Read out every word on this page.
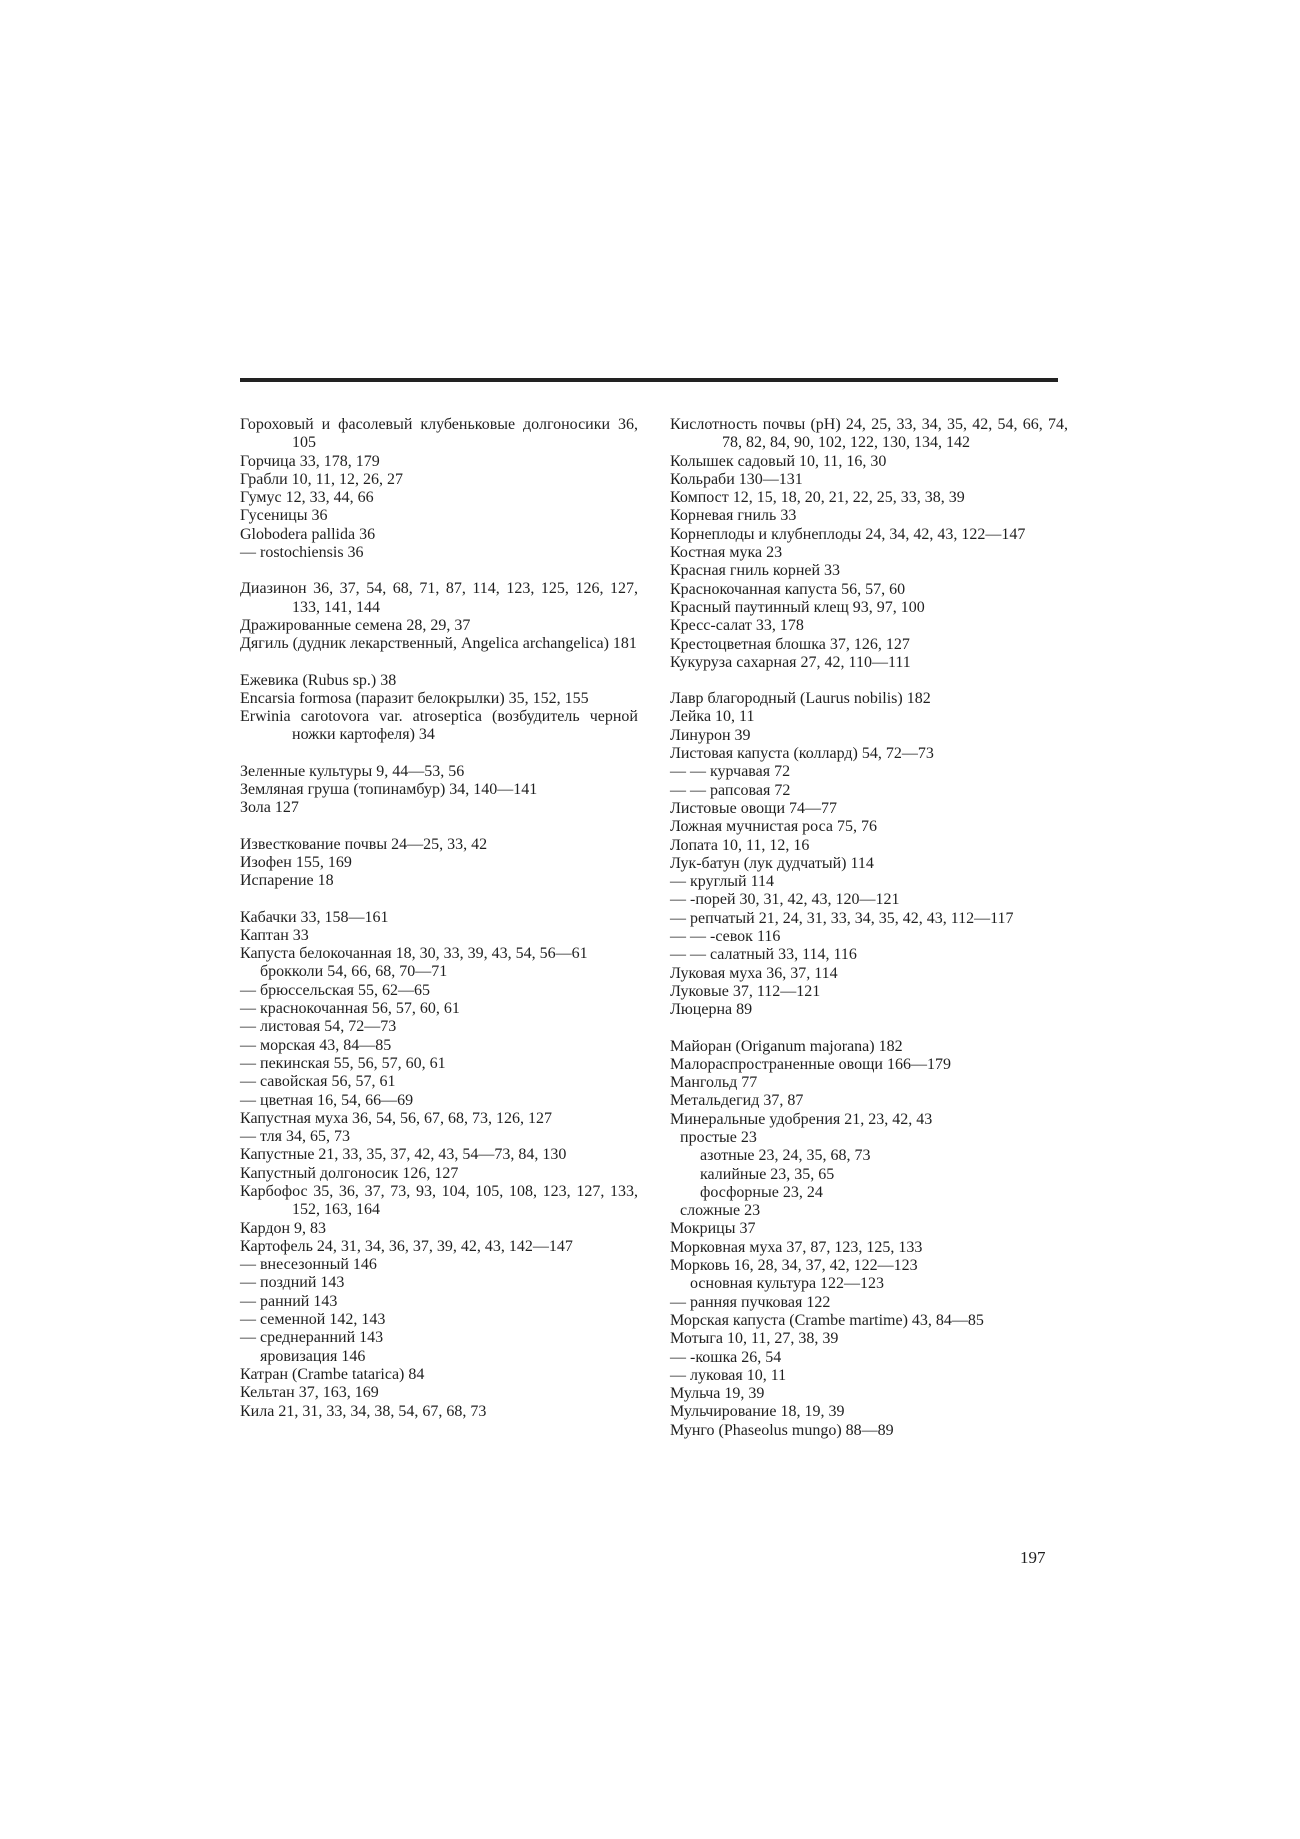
Гороховый и фасолевый клубеньковые долгоносики 36, 105

Горчица 33, 178, 179

Грабли 10, 11, 12, 26, 27

Гумус 12, 33, 44, 66

Гусеницы 36

Globodera pallida 36

— rostochiensis 36

Диазинон 36, 37, 54, 68, 71, 87, 114, 123, 125, 126, 127, 133, 141, 144

Дражированные семена 28, 29, 37

Дягиль (дудник лекарственный, Angelica archangelica) 181

Ежевика (Rubus sp.) 38

Encarsia formosa (паразит белокрылки) 35, 152, 155

Erwinia carotovora var. atroseptica (возбудитель черной ножки картофеля) 34

Зеленные культуры 9, 44—53, 56

Земляная груша (топинамбур) 34, 140—141

Зола 127

Известкование почвы 24—25, 33, 42

Изофен 155, 169

Испарение 18

Кабачки 33, 158—161

Каптан 33

Капуста белокочанная 18, 30, 33, 39, 43, 54, 56—61

брокколи 54, 66, 68, 70—71

— брюссельская 55, 62—65

— краснокочанная 56, 57, 60, 61

— листовая 54, 72—73

— морская 43, 84—85

— пекинская 55, 56, 57, 60, 61

— савойская 56, 57, 61

— цветная 16, 54, 66—69

Капустная муха 36, 54, 56, 67, 68, 73, 126, 127

— тля 34, 65, 73

Капустные 21, 33, 35, 37, 42, 43, 54—73, 84, 130

Капустный долгоносик 126, 127

Карбофос 35, 36, 37, 73, 93, 104, 105, 108, 123, 127, 133, 152, 163, 164

Кардон 9, 83

Картофель 24, 31, 34, 36, 37, 39, 42, 43, 142—147

— внесезонный 146

— поздний 143

— ранний 143

— семенной 142, 143

— среднеранний 143

яровизация 146

Катран (Crambe tatarica) 84

Кельтан 37, 163, 169

Кила 21, 31, 33, 34, 38, 54, 67, 68, 73

Кислотность почвы (рН) 24, 25, 33, 34, 35, 42, 54, 66, 74, 78, 82, 84, 90, 102, 122, 130, 134, 142

Колышек садовый 10, 11, 16, 30

Кольраби 130—131

Компост 12, 15, 18, 20, 21, 22, 25, 33, 38, 39

Корневая гниль 33

Корнеплоды и клубнеплоды 24, 34, 42, 43, 122—147

Костная мука 23

Красная гниль корней 33

Краснокочанная капуста 56, 57, 60

Красный паутинный клещ 93, 97, 100

Кресс-салат 33, 178

Крестоцветная блошка 37, 126, 127

Кукуруза сахарная 27, 42, 110—111

Лавр благородный (Laurus nobilis) 182

Лейка 10, 11

Линурон 39

Листовая капуста (коллард) 54, 72—73

— — курчавая 72

— — рапсовая 72

Листовые овощи 74—77

Ложная мучнистая роса 75, 76

Лопата 10, 11, 12, 16

Лук-батун (лук дудчатый) 114

— круглый 114

— -порей 30, 31, 42, 43, 120—121

— репчатый 21, 24, 31, 33, 34, 35, 42, 43, 112—117

— — -севок 116

— — салатный 33, 114, 116

Луковая муха 36, 37, 114

Луковые 37, 112—121

Люцерна 89

Майоран (Origanum majorana) 182

Малораспространенные овощи 166—179

Мангольд 77

Метальдегид 37, 87

Минеральные удобрения 21, 23, 42, 43

простые 23

азотные 23, 24, 35, 68, 73

калийные 23, 35, 65

фосфорные 23, 24

сложные 23

Мокрицы 37

Морковная муха 37, 87, 123, 125, 133

Морковь 16, 28, 34, 37, 42, 122—123

основная культура 122—123

— ранняя пучковая 122

Морская капуста (Crambe martime) 43, 84—85

Мотыга 10, 11, 27, 38, 39

— -кошка 26, 54

— луковая 10, 11

Мульча 19, 39

Мульчирование 18, 19, 39

Мунго (Phaseolus mungo) 88—89

197
